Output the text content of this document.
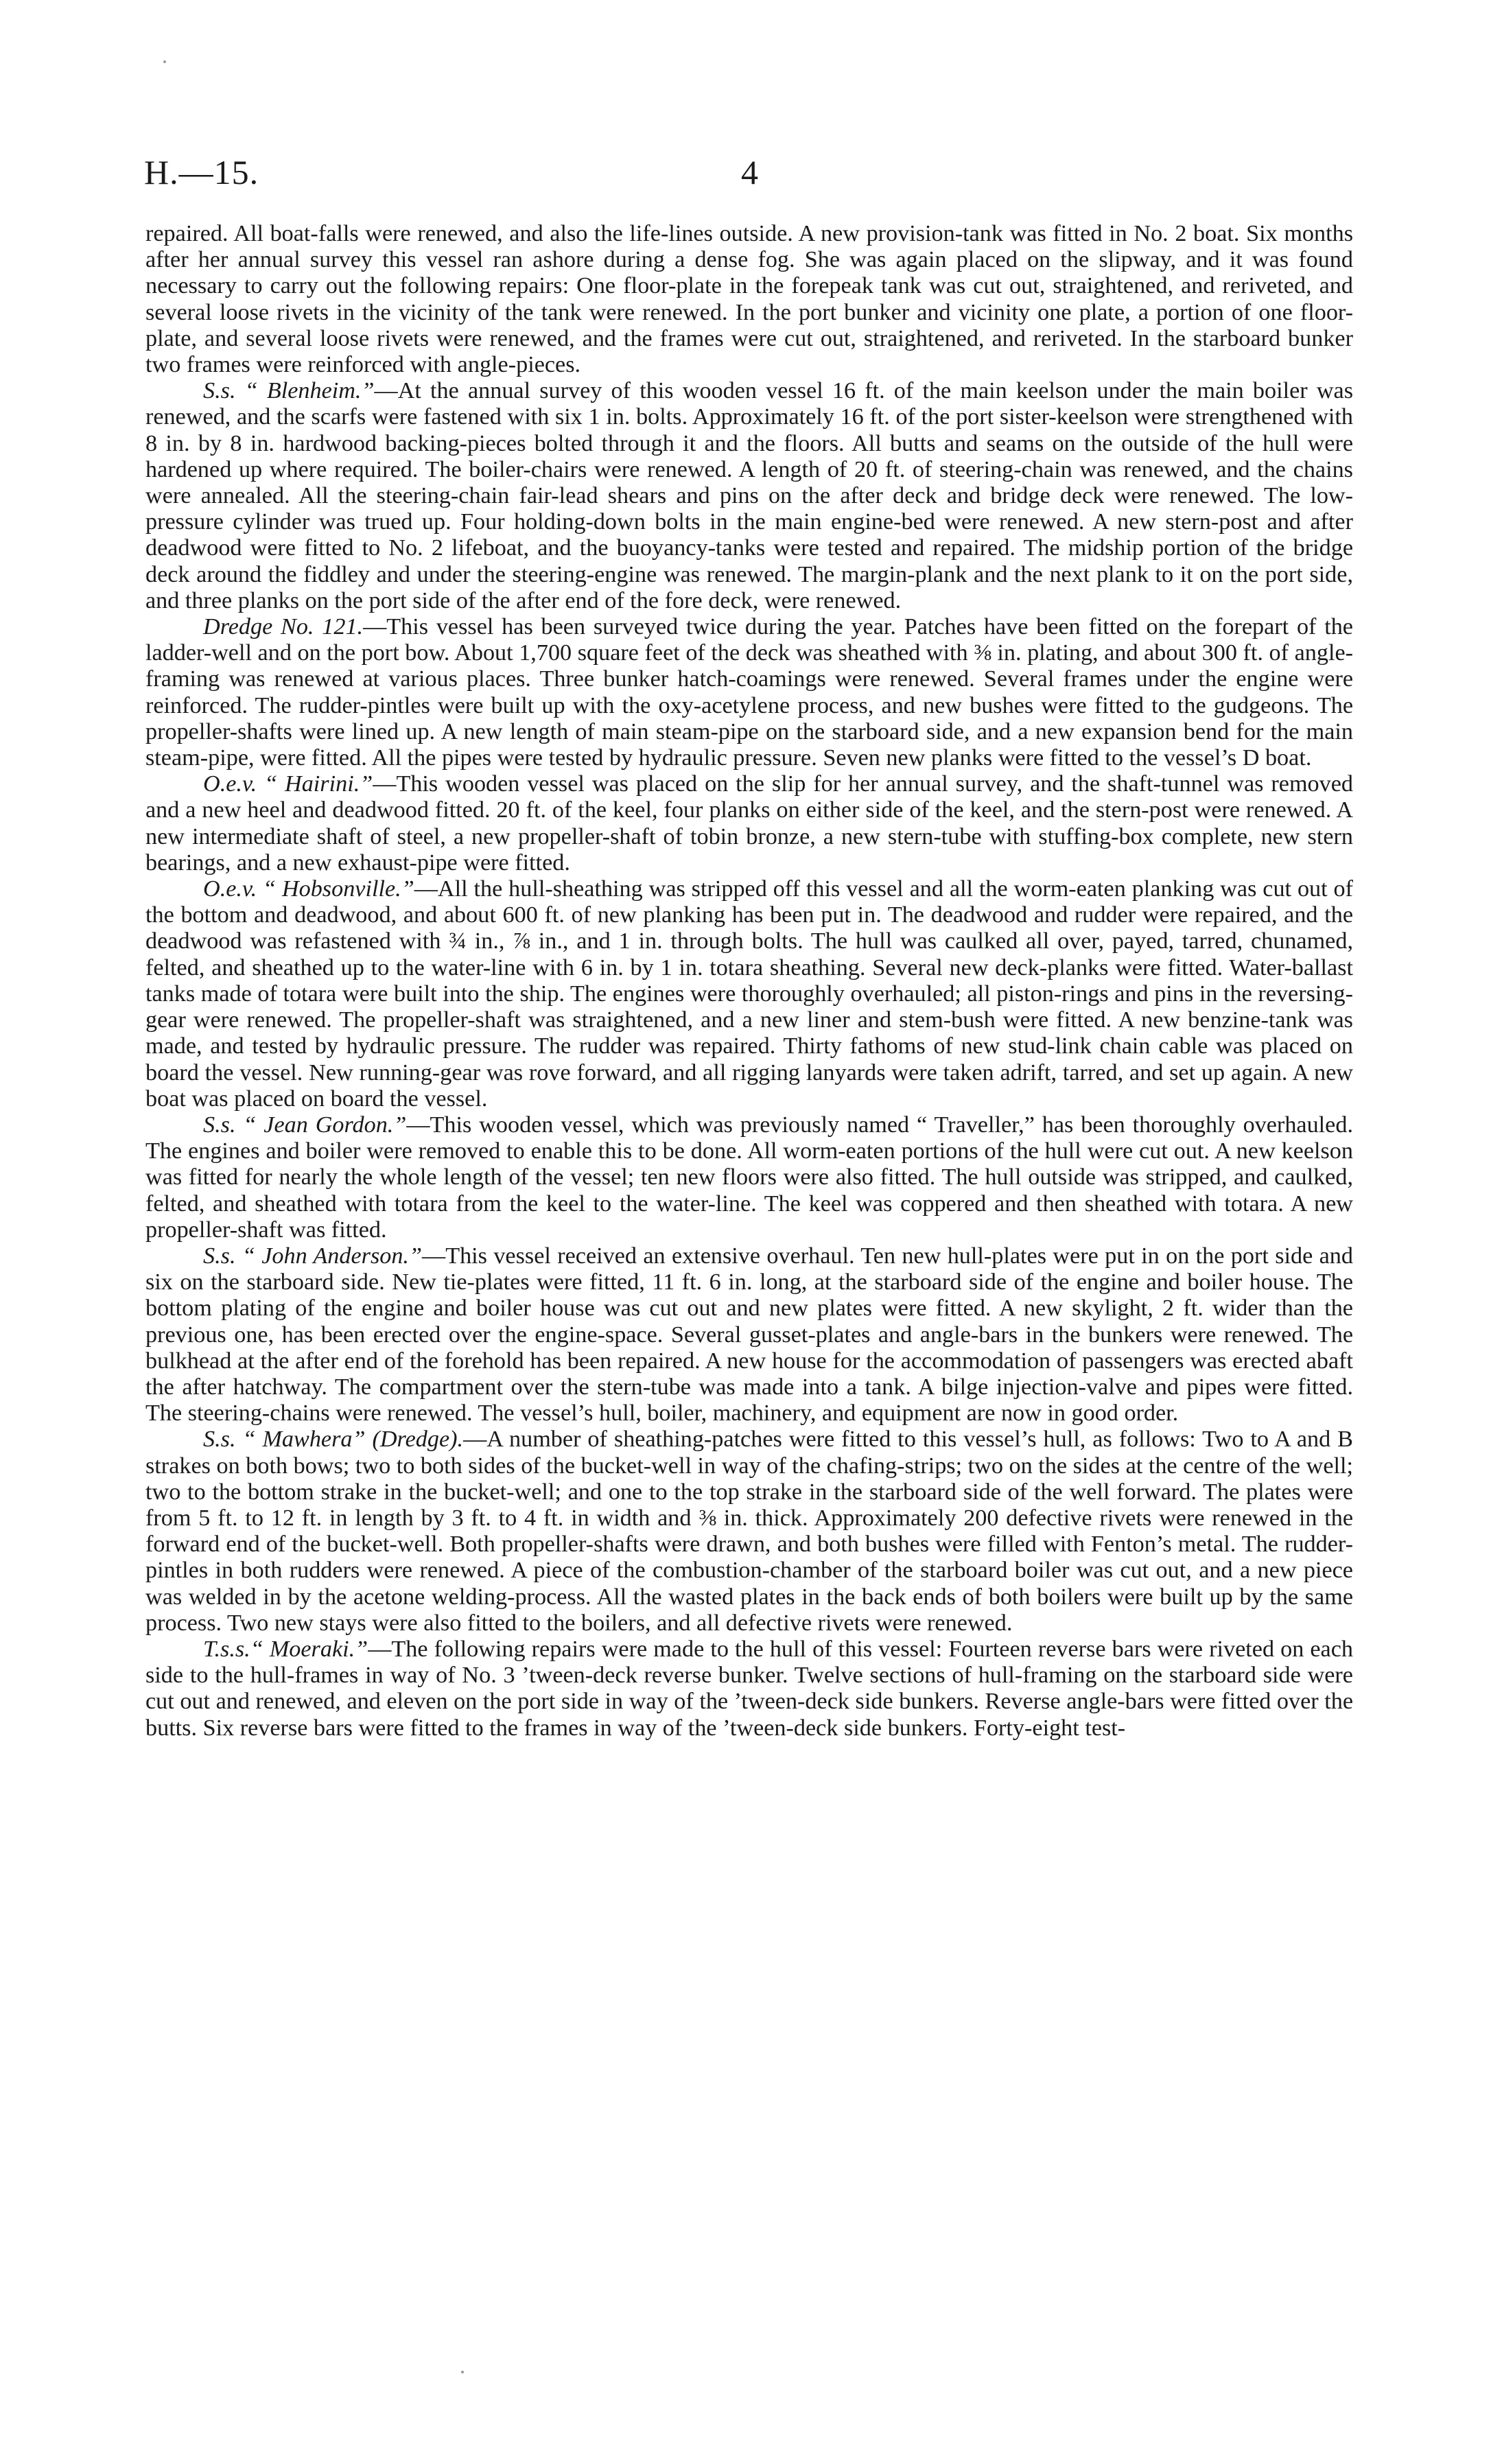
H.—15.	4

repaired. All boat-falls were renewed, and also the life-lines outside. A new provision-tank was fitted in No. 2 boat. Six months after her annual survey this vessel ran ashore during a dense fog. She was again placed on the slipway, and it was found necessary to carry out the following repairs: One floor-plate in the forepeak tank was cut out, straightened, and reriveted, and several loose rivets in the vicinity of the tank were renewed. In the port bunker and vicinity one plate, a portion of one floor-plate, and several loose rivets were renewed, and the frames were cut out, straightened, and reriveted. In the starboard bunker two frames were reinforced with angle-pieces.

S.s. “ Blenheim.”—At the annual survey of this wooden vessel 16 ft. of the main keelson under the main boiler was renewed, and the scarfs were fastened with six 1 in. bolts. Approximately 16 ft. of the port sister-keelson were strengthened with 8 in. by 8 in. hardwood backing-pieces bolted through it and the floors. All butts and seams on the outside of the hull were hardened up where required. The boiler-chairs were renewed. A length of 20 ft. of steering-chain was renewed, and the chains were annealed. All the steering-chain fair-lead shears and pins on the after deck and bridge deck were renewed. The low-pressure cylinder was trued up. Four holding-down bolts in the main engine-bed were renewed. A new stern-post and after deadwood were fitted to No. 2 lifeboat, and the buoyancy-tanks were tested and repaired. The midship portion of the bridge deck around the fiddley and under the steering-engine was renewed. The margin-plank and the next plank to it on the port side, and three planks on the port side of the after end of the fore deck, were renewed.

Dredge No. 121.—This vessel has been surveyed twice during the year. Patches have been fitted on the forepart of the ladder-well and on the port bow. About 1,700 square feet of the deck was sheathed with ⅜ in. plating, and about 300 ft. of angle-framing was renewed at various places. Three bunker hatch-coamings were renewed. Several frames under the engine were reinforced. The rudder-pintles were built up with the oxy-acetylene process, and new bushes were fitted to the gudgeons. The propeller-shafts were lined up. A new length of main steam-pipe on the starboard side, and a new expansion bend for the main steam-pipe, were fitted. All the pipes were tested by hydraulic pressure. Seven new planks were fitted to the vessel’s D boat.

O.e.v. “ Hairini.”—This wooden vessel was placed on the slip for her annual survey, and the shaft-tunnel was removed and a new heel and deadwood fitted. 20 ft. of the keel, four planks on either side of the keel, and the stern-post were renewed. A new intermediate shaft of steel, a new propeller-shaft of tobin bronze, a new stern-tube with stuffing-box complete, new stern bearings, and a new exhaust-pipe were fitted.

O.e.v. “ Hobsonville.”—All the hull-sheathing was stripped off this vessel and all the worm-eaten planking was cut out of the bottom and deadwood, and about 600 ft. of new planking has been put in. The deadwood and rudder were repaired, and the deadwood was refastened with ¾ in., ⅞ in., and 1 in. through bolts. The hull was caulked all over, payed, tarred, chunamed, felted, and sheathed up to the water-line with 6 in. by 1 in. totara sheathing. Several new deck-planks were fitted. Water-ballast tanks made of totara were built into the ship. The engines were thoroughly overhauled; all piston-rings and pins in the reversing-gear were renewed. The propeller-shaft was straightened, and a new liner and stem-bush were fitted. A new benzine-tank was made, and tested by hydraulic pressure. The rudder was repaired. Thirty fathoms of new stud-link chain cable was placed on board the vessel. New running-gear was rove forward, and all rigging lanyards were taken adrift, tarred, and set up again. A new boat was placed on board the vessel.

S.s. “ Jean Gordon.”—This wooden vessel, which was previously named “ Traveller,” has been thoroughly overhauled. The engines and boiler were removed to enable this to be done. All worm-eaten portions of the hull were cut out. A new keelson was fitted for nearly the whole length of the vessel; ten new floors were also fitted. The hull outside was stripped, and caulked, felted, and sheathed with totara from the keel to the water-line. The keel was coppered and then sheathed with totara. A new propeller-shaft was fitted.

S.s. “ John Anderson.”—This vessel received an extensive overhaul. Ten new hull-plates were put in on the port side and six on the starboard side. New tie-plates were fitted, 11 ft. 6 in. long, at the starboard side of the engine and boiler house. The bottom plating of the engine and boiler house was cut out and new plates were fitted. A new skylight, 2 ft. wider than the previous one, has been erected over the engine-space. Several gusset-plates and angle-bars in the bunkers were renewed. The bulkhead at the after end of the forehold has been repaired. A new house for the accommodation of passengers was erected abaft the after hatchway. The compartment over the stern-tube was made into a tank. A bilge injection-valve and pipes were fitted. The steering-chains were renewed. The vessel’s hull, boiler, machinery, and equipment are now in good order.

S.s. “ Mawhera” (Dredge).—A number of sheathing-patches were fitted to this vessel’s hull, as follows: Two to A and B strakes on both bows; two to both sides of the bucket-well in way of the chafing-strips; two on the sides at the centre of the well; two to the bottom strake in the bucket-well; and one to the top strake in the starboard side of the well forward. The plates were from 5 ft. to 12 ft. in length by 3 ft. to 4 ft. in width and ⅜ in. thick. Approximately 200 defective rivets were renewed in the forward end of the bucket-well. Both propeller-shafts were drawn, and both bushes were filled with Fenton’s metal. The rudder-pintles in both rudders were renewed. A piece of the combustion-chamber of the starboard boiler was cut out, and a new piece was welded in by the acetone welding-process. All the wasted plates in the back ends of both boilers were built up by the same process. Two new stays were also fitted to the boilers, and all defective rivets were renewed.

T.s.s.“ Moeraki.”—The following repairs were made to the hull of this vessel: Fourteen reverse bars were riveted on each side to the hull-frames in way of No. 3 ’tween-deck reverse bunker. Twelve sections of hull-framing on the starboard side were cut out and renewed, and eleven on the port side in way of the ’tween-deck side bunkers. Reverse angle-bars were fitted over the butts. Six reverse bars were fitted to the frames in way of the ’tween-deck side bunkers. Forty-eight test-
